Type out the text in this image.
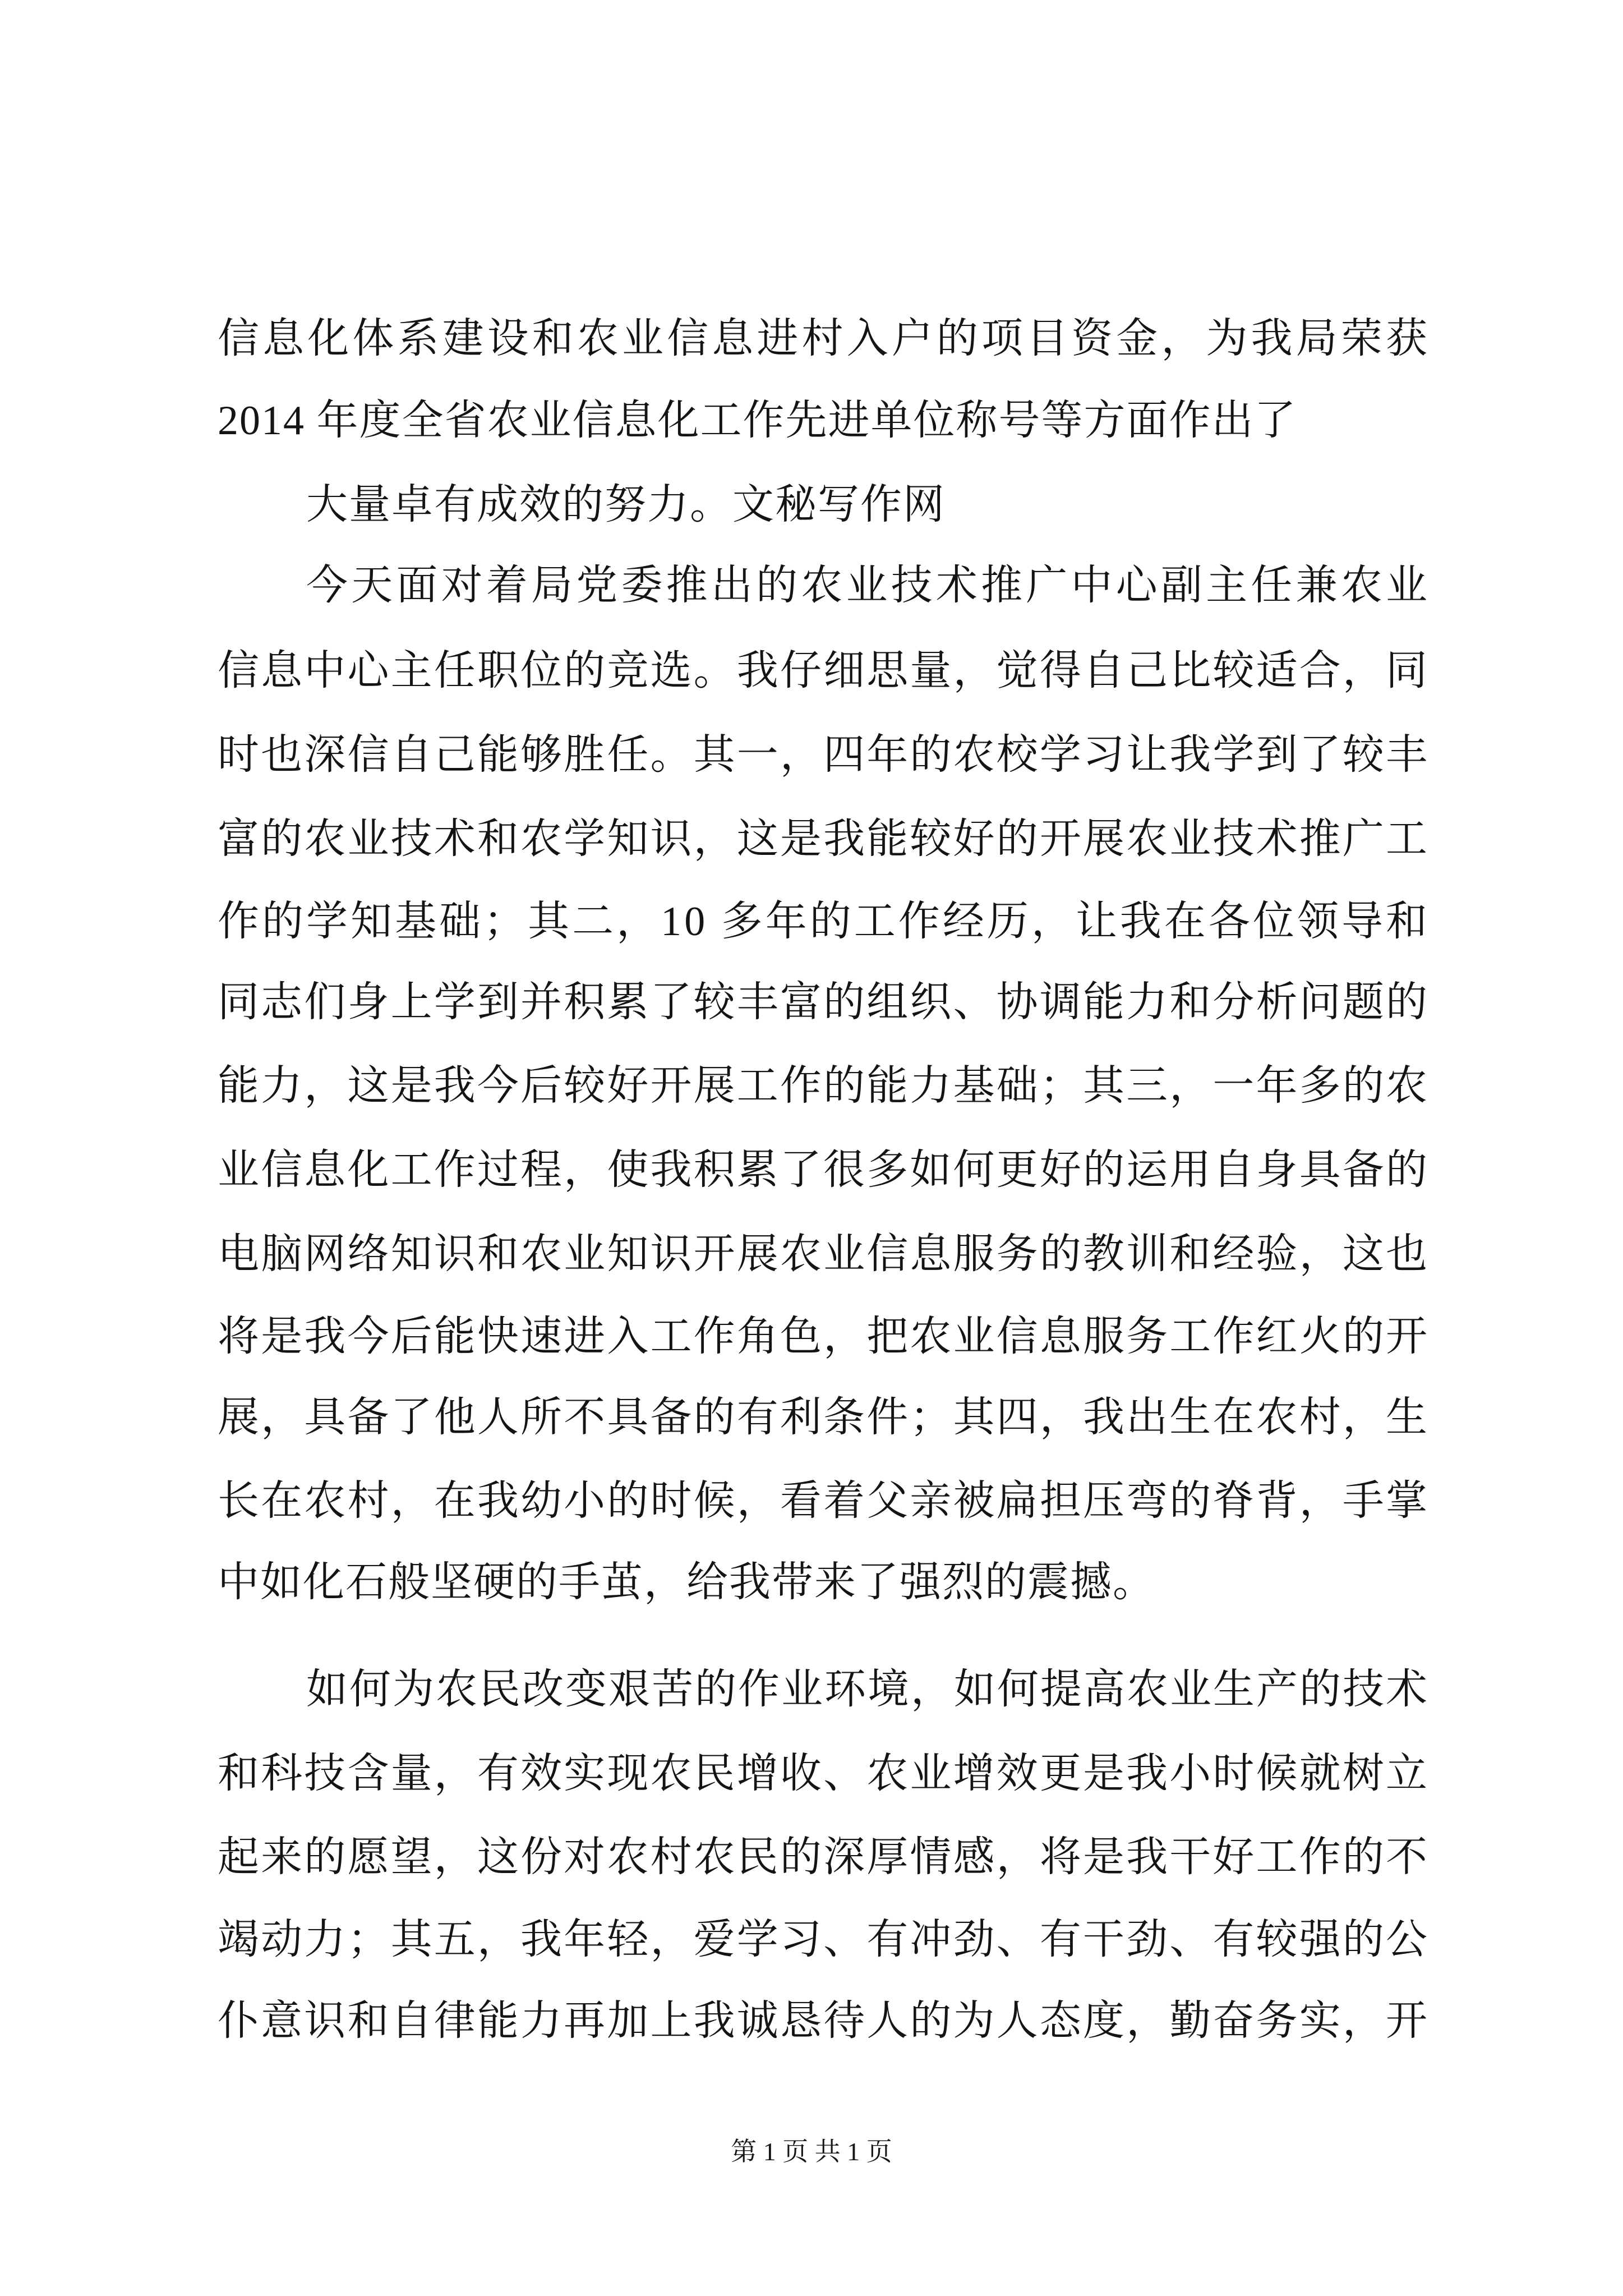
信息化体系建设和农业信息进村入户的项目资金，为我局荣获
2014 年度全省农业信息化工作先进单位称号等方面作出了
大量卓有成效的努力。文秘写作网
今天面对着局党委推出的农业技术推广中心副主任兼农业
信息中心主任职位的竞选。我仔细思量，觉得自己比较适合，同
时也深信自己能够胜任。其一，四年的农校学习让我学到了较丰
富的农业技术和农学知识，这是我能较好的开展农业技术推广工
作的学知基础；其二，10 多年的工作经历，让我在各位领导和
同志们身上学到并积累了较丰富的组织、协调能力和分析问题的
能力，这是我今后较好开展工作的能力基础；其三，一年多的农
业信息化工作过程，使我积累了很多如何更好的运用自身具备的
电脑网络知识和农业知识开展农业信息服务的教训和经验，这也
将是我今后能快速进入工作角色，把农业信息服务工作红火的开
展，具备了他人所不具备的有利条件；其四，我出生在农村，生
长在农村，在我幼小的时候，看着父亲被扁担压弯的脊背，手掌
中如化石般坚硬的手茧，给我带来了强烈的震撼。
如何为农民改变艰苦的作业环境，如何提高农业生产的技术
和科技含量，有效实现农民增收、农业增效更是我小时候就树立
起来的愿望，这份对农村农民的深厚情感，将是我干好工作的不
竭动力；其五，我年轻，爱学习、有冲劲、有干劲、有较强的公
仆意识和自律能力再加上我诚恳待人的为人态度，勤奋务实，开
第 1 页 共 1 页
